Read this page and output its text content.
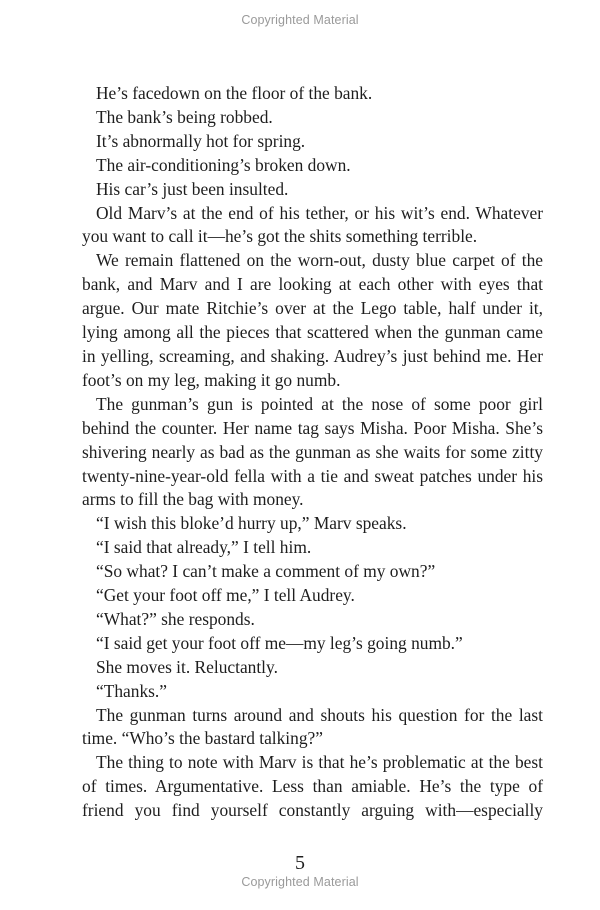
Copyrighted Material

He’s facedown on the floor of the bank.

The bank’s being robbed.

It’s abnormally hot for spring.

The air-conditioning’s broken down.

His car’s just been insulted.

Old Marv’s at the end of his tether, or his wit’s end. Whatever you want to call it—he’s got the shits something terrible.

We remain flattened on the worn-out, dusty blue carpet of the bank, and Marv and I are looking at each other with eyes that argue. Our mate Ritchie’s over at the Lego table, half under it, lying among all the pieces that scattered when the gunman came in yelling, screaming, and shaking. Audrey’s just behind me. Her foot’s on my leg, making it go numb.

The gunman’s gun is pointed at the nose of some poor girl behind the counter. Her name tag says Misha. Poor Misha. She’s shivering nearly as bad as the gunman as she waits for some zitty twenty-nine-year-old fella with a tie and sweat patches under his arms to fill the bag with money.

“I wish this bloke’d hurry up,” Marv speaks.

“I said that already,” I tell him.

“So what? I can’t make a comment of my own?”

“Get your foot off me,” I tell Audrey.

“What?” she responds.

“I said get your foot off me—my leg’s going numb.”

She moves it. Reluctantly.

“Thanks.”

The gunman turns around and shouts his question for the last time. “Who’s the bastard talking?”

The thing to note with Marv is that he’s problematic at the best of times. Argumentative. Less than amiable. He’s the type of friend you find yourself constantly arguing with—especially

5
Copyrighted Material
